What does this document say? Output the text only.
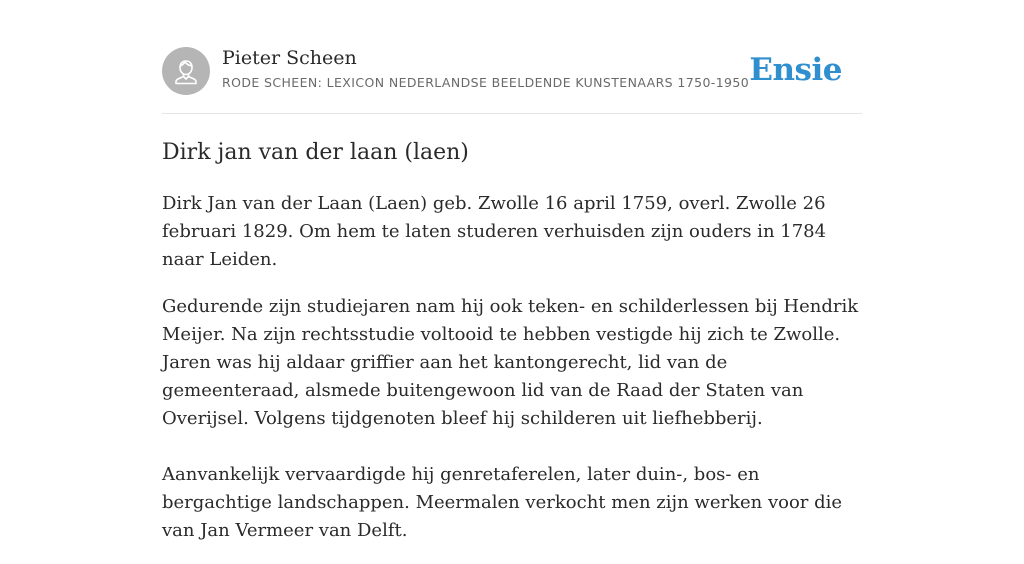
Pieter Scheen
RODE SCHEEN: LEXICON NEDERLANDSE BEELDENDE KUNSTENAARS 1750-1950 Ensie
Dirk jan van der laan (laen)

Dirk Jan van der Laan (Laen) geb. Zwolle 16 april 1759, overl. Zwolle 26 februari 1829. Om hem te laten studeren verhuisden zijn ouders in 1784 naar Leiden.

Gedurende zijn studiejaren nam hij ook teken- en schilderlessen bij Hendrik Meijer. Na zijn rechtsstudie voltooid te hebben vestigde hij zich te Zwolle. Jaren was hij aldaar griffier aan het kantongerecht, lid van de gemeenteraad, alsmede buitengewoon lid van de Raad der Staten van Overijsel. Volgens tijdgenoten bleef hij schilderen uit liefhebberij.

Aanvankelijk vervaardigde hij genretaferelen, later duin-, bos- en bergachtige landschappen. Meermalen verkocht men zijn werken voor die van Jan Vermeer van Delft.
